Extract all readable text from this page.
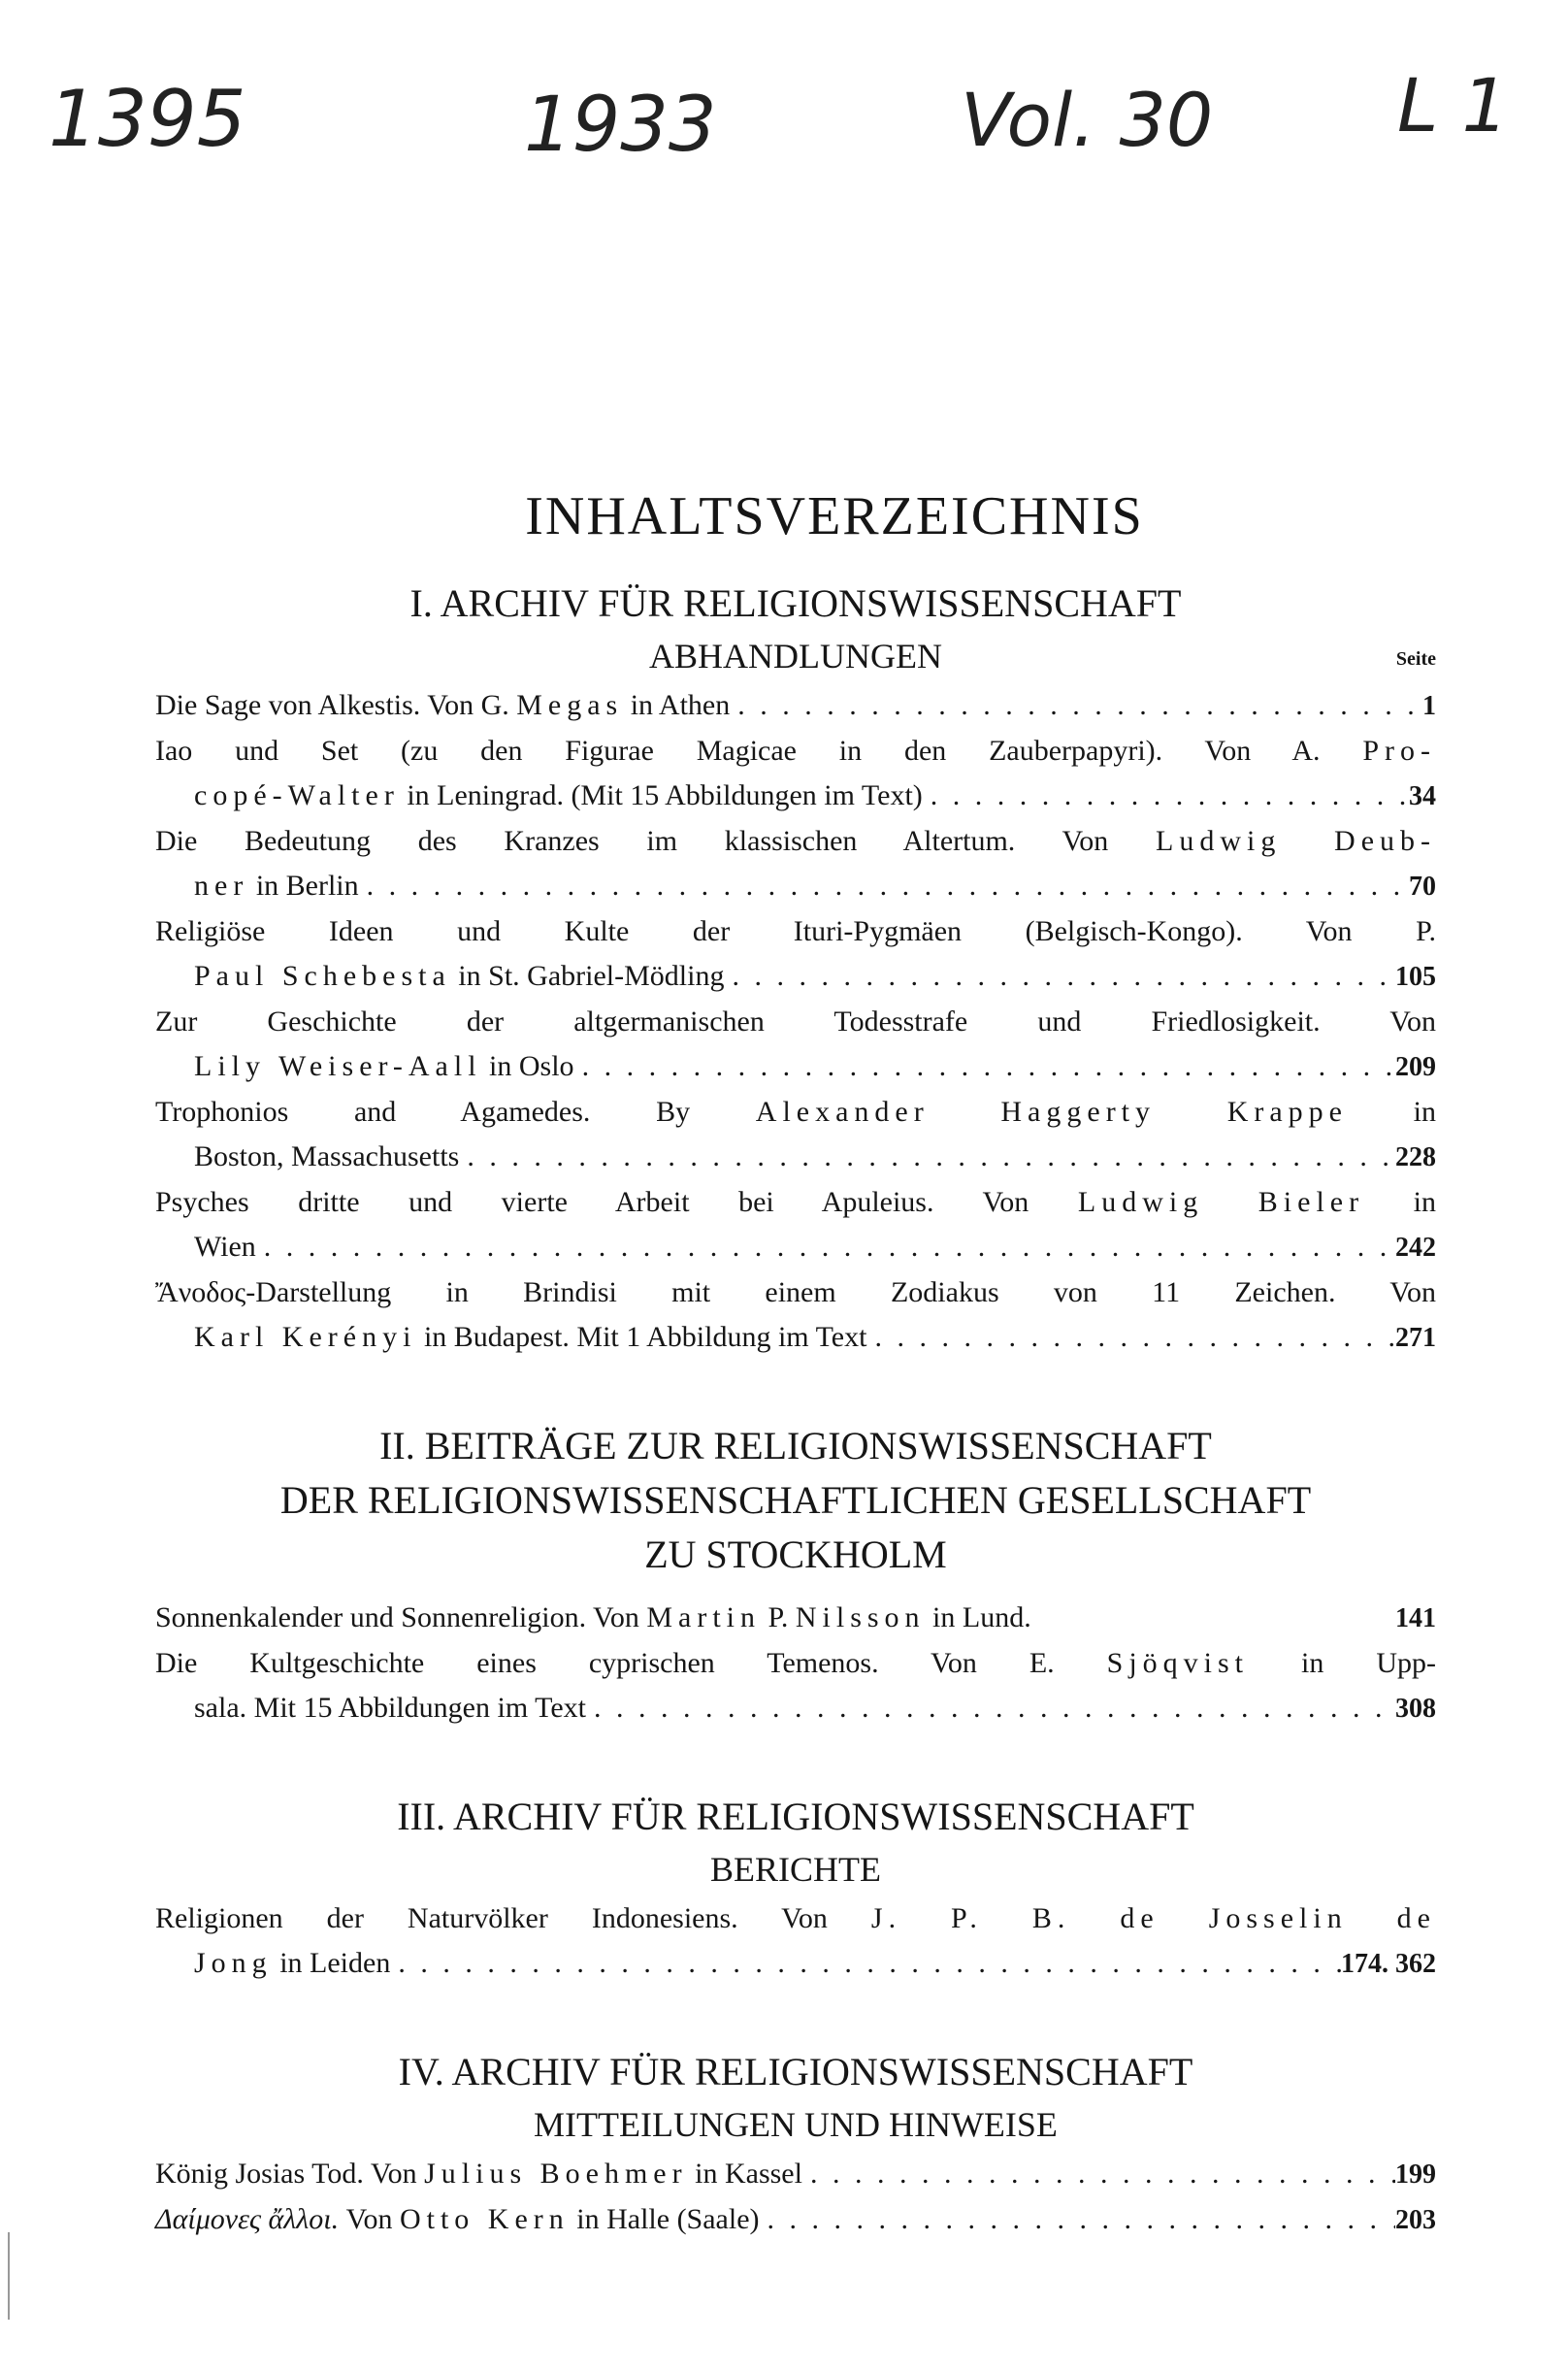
1395	1933	Vol. 30 L 1
INHALTSVERZEICHNIS
I. ARCHIV FÜR RELIGIONSWISSENSCHAFT
ABHANDLUNGEN	Seite
Die Sage von Alkestis. Von G. Megas in Athen . . .	1
Iao und Set (zu den Figurae Magicae in den Zauberpapyri). Von A. Pro-
copé-Walter in Leningrad. (Mit 15 Abbildungen im Text) . . .	34
Die Bedeutung des Kranzes im klassischen Altertum. Von Ludwig Deub-
ner in Berlin . . .	70
Religiöse Ideen und Kulte der Ituri-Pygmäen (Belgisch-Kongo). Von P.
Paul Schebesta in St. Gabriel-Mödling . . .	105
Zur Geschichte der altgermanischen Todesstrafe und Friedlosigkeit. Von
Lily Weiser-Aall in Oslo . . .	209
Trophonios and Agamedes. By Alexander Haggerty Krappe in
Boston, Massachusetts . . .	228
Psyches dritte und vierte Arbeit bei Apuleius. Von Ludwig Bieler in
Wien . . .	242
Ἄνοδος-Darstellung in Brindisi mit einem Zodiakus von 11 Zeichen. Von
Karl Kerényi in Budapest. Mit 1 Abbildung im Text . . .	271
II. BEITRÄGE ZUR RELIGIONSWISSENSCHAFT
DER RELIGIONSWISSENSCHAFTLICHEN GESELLSCHAFT
ZU STOCKHOLM
Sonnenkalender und Sonnenreligion. Von Martin P. Nilsson in Lund.	141
Die Kultgeschichte eines cyprischen Temenos. Von E. Sjöqvist in Upp-
sala. Mit 15 Abbildungen im Text . . .	308
III. ARCHIV FÜR RELIGIONSWISSENSCHAFT
BERICHTE
Religionen der Naturvölker Indonesiens. Von J. P. B. de Josselin de
Jong in Leiden . . .	174. 362
IV. ARCHIV FÜR RELIGIONSWISSENSCHAFT
MITTEILUNGEN UND HINWEISE
König Josias Tod. Von Julius Boehmer in Kassel . . .	199
Δαίμονες ἄλλοι. Von Otto Kern in Halle (Saale) . . .	203
